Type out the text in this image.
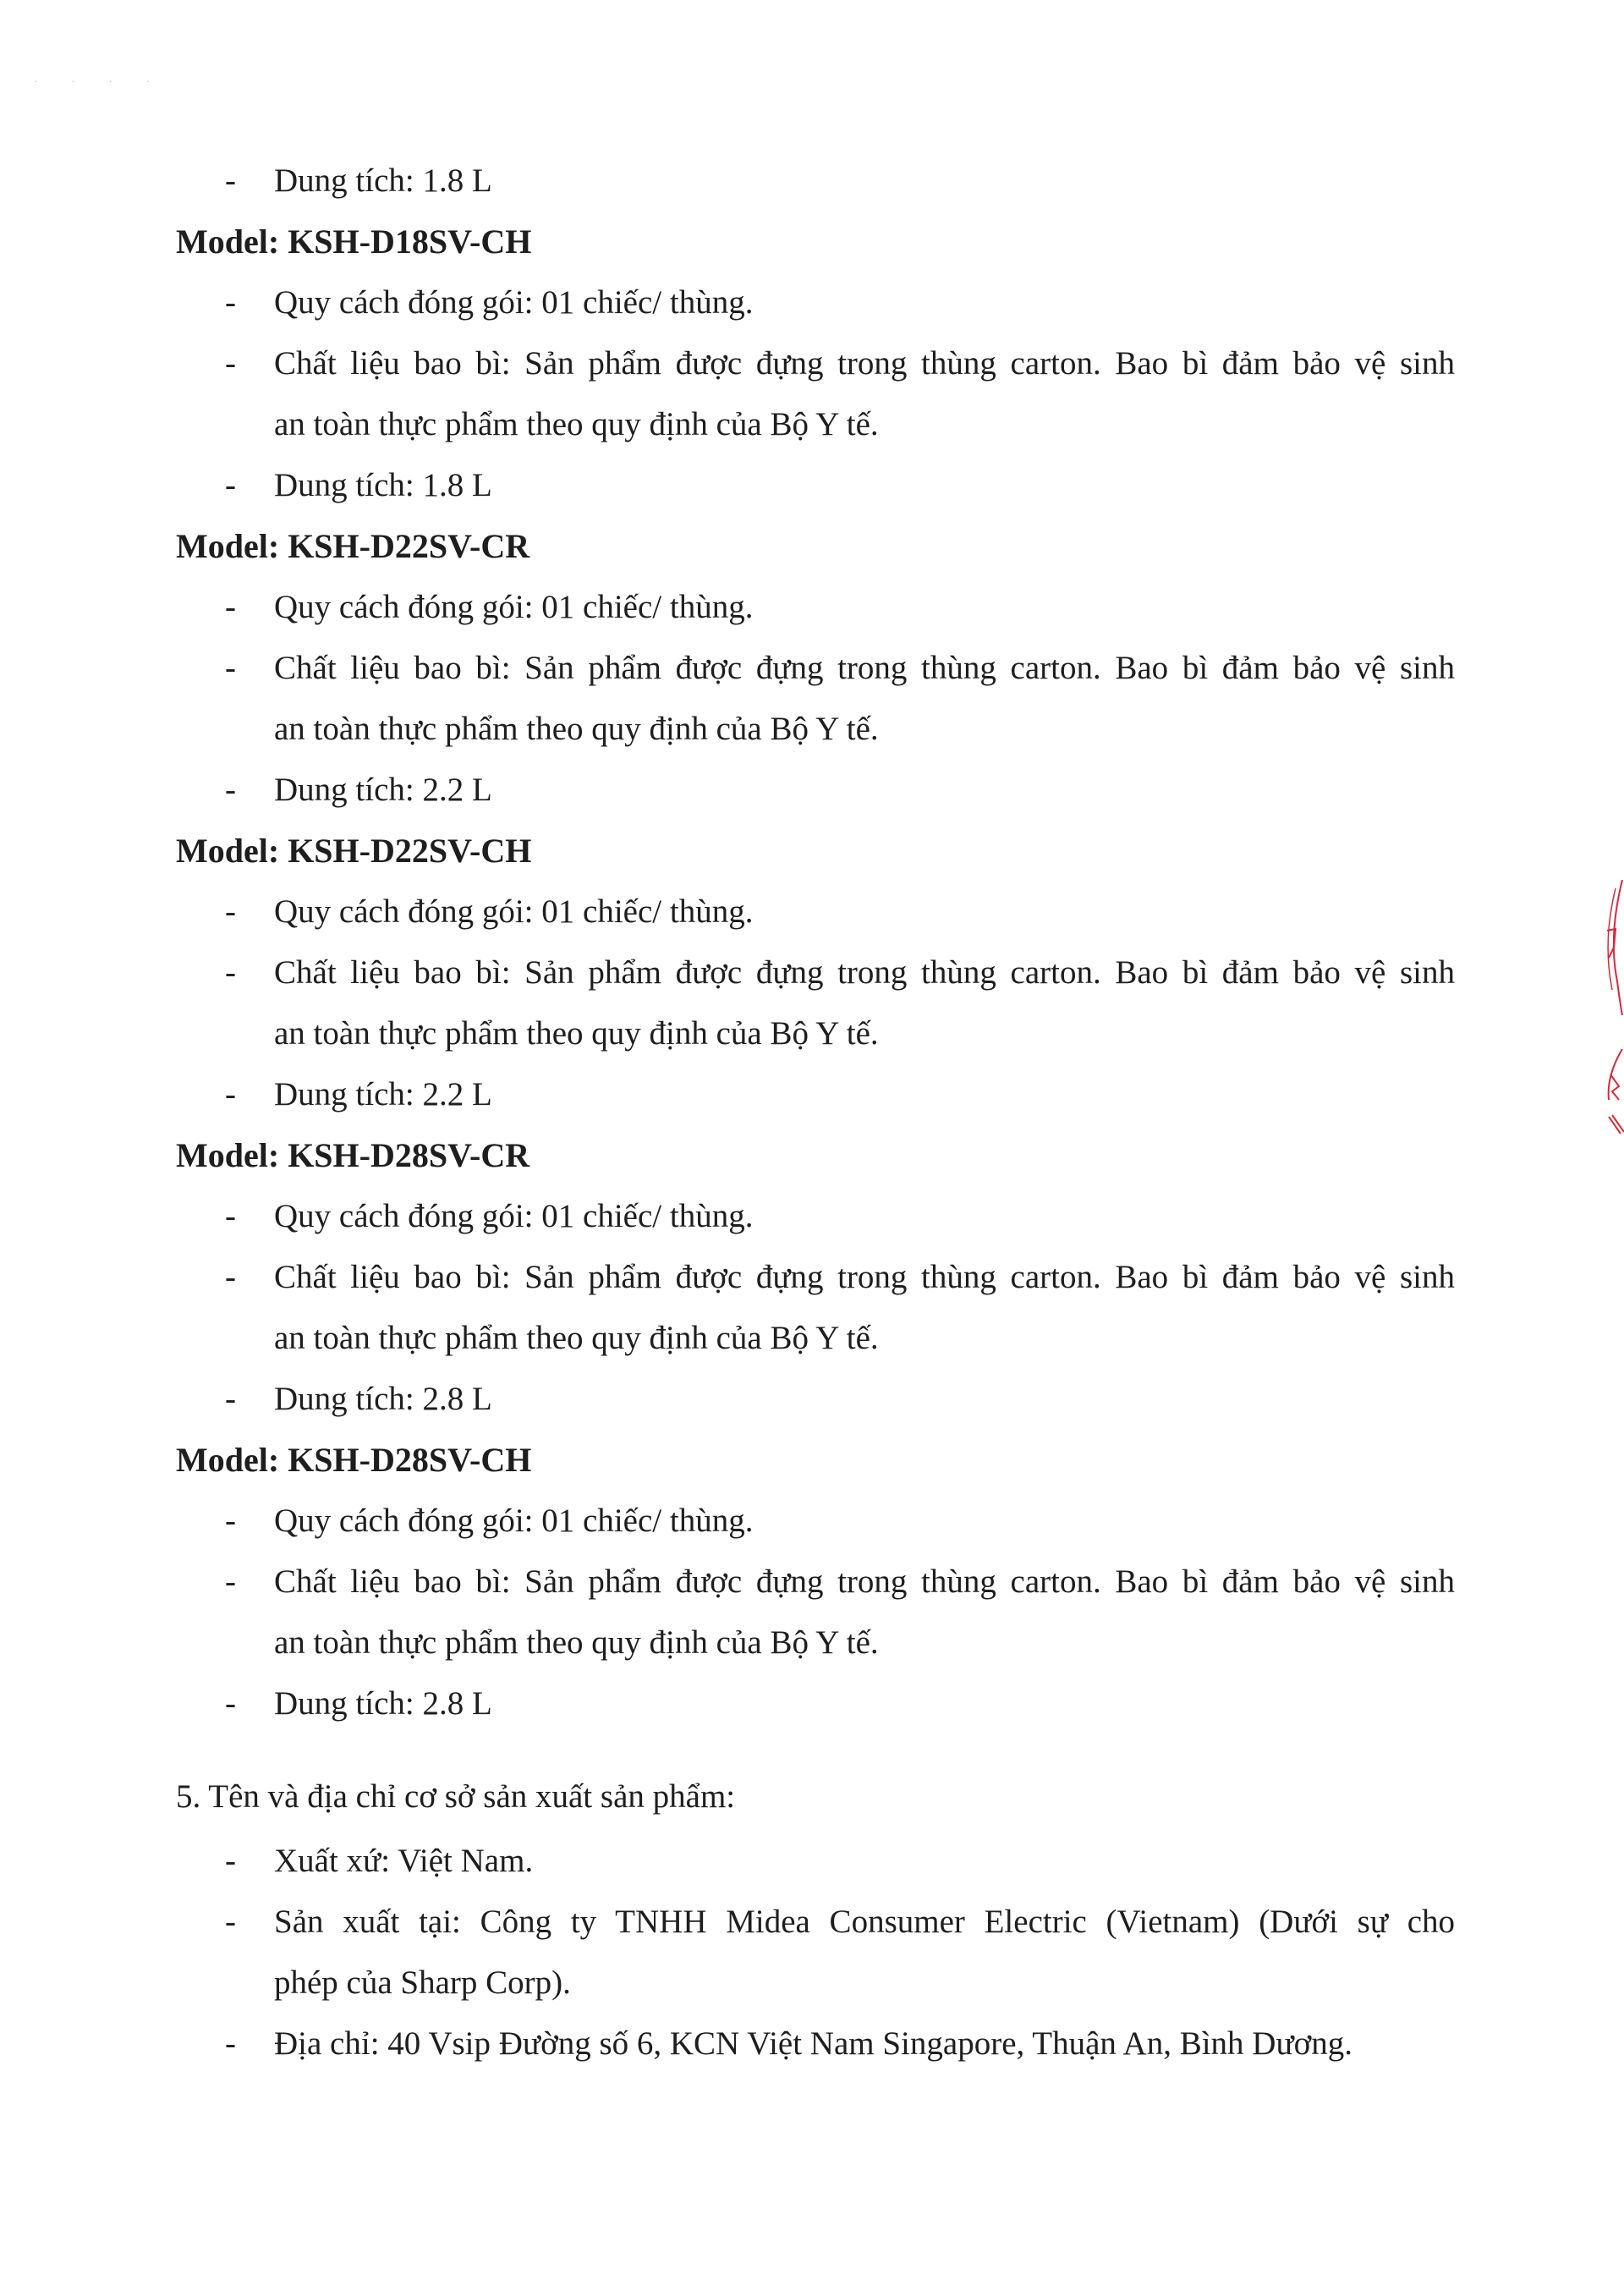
· · · ·
- Dung tích: 1.8 L
Model: KSH-D18SV-CH
- Quy cách đóng gói: 01 chiếc/ thùng.
- Chất liệu bao bì: Sản phẩm được đựng trong thùng carton. Bao bì đảm bảo vệ sinh
an toàn thực phẩm theo quy định của Bộ Y tế.
- Dung tích: 1.8 L
Model: KSH-D22SV-CR
- Quy cách đóng gói: 01 chiếc/ thùng.
- Chất liệu bao bì: Sản phẩm được đựng trong thùng carton. Bao bì đảm bảo vệ sinh
an toàn thực phẩm theo quy định của Bộ Y tế.
- Dung tích: 2.2 L
Model: KSH-D22SV-CH
- Quy cách đóng gói: 01 chiếc/ thùng.
- Chất liệu bao bì: Sản phẩm được đựng trong thùng carton. Bao bì đảm bảo vệ sinh
an toàn thực phẩm theo quy định của Bộ Y tế.
- Dung tích: 2.2 L
Model: KSH-D28SV-CR
- Quy cách đóng gói: 01 chiếc/ thùng.
- Chất liệu bao bì: Sản phẩm được đựng trong thùng carton. Bao bì đảm bảo vệ sinh
an toàn thực phẩm theo quy định của Bộ Y tế.
- Dung tích: 2.8 L
Model: KSH-D28SV-CH
- Quy cách đóng gói: 01 chiếc/ thùng.
- Chất liệu bao bì: Sản phẩm được đựng trong thùng carton. Bao bì đảm bảo vệ sinh
an toàn thực phẩm theo quy định của Bộ Y tế.
- Dung tích: 2.8 L
5. Tên và địa chỉ cơ sở sản xuất sản phẩm:
- Xuất xứ: Việt Nam.
- Sản xuất tại: Công ty TNHH Midea Consumer Electric (Vietnam) (Dưới sự cho
phép của Sharp Corp).
- Địa chỉ: 40 Vsip Đường số 6, KCN Việt Nam Singapore, Thuận An, Bình Dương.
